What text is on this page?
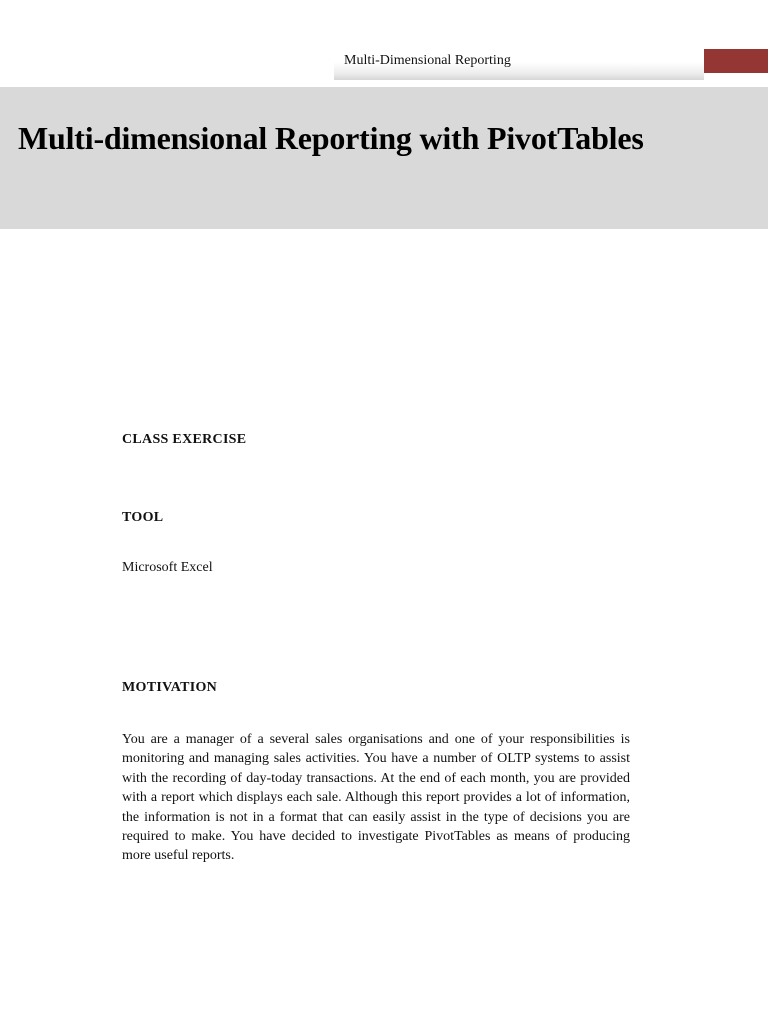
Multi-Dimensional Reporting
Multi-dimensional Reporting with PivotTables
CLASS EXERCISE
TOOL

Microsoft Excel

MOTIVATION

You are a manager of a several sales organisations and one of your responsibilities is monitoring and managing sales activities. You have a number of OLTP systems to assist with the recording of day-today transactions. At the end of each month, you are provided with a report which displays each sale. Although this report provides a lot of information, the information is not in a format that can easily assist in the type of decisions you are required to make. You have decided to investigate PivotTables as means of producing more useful reports.
